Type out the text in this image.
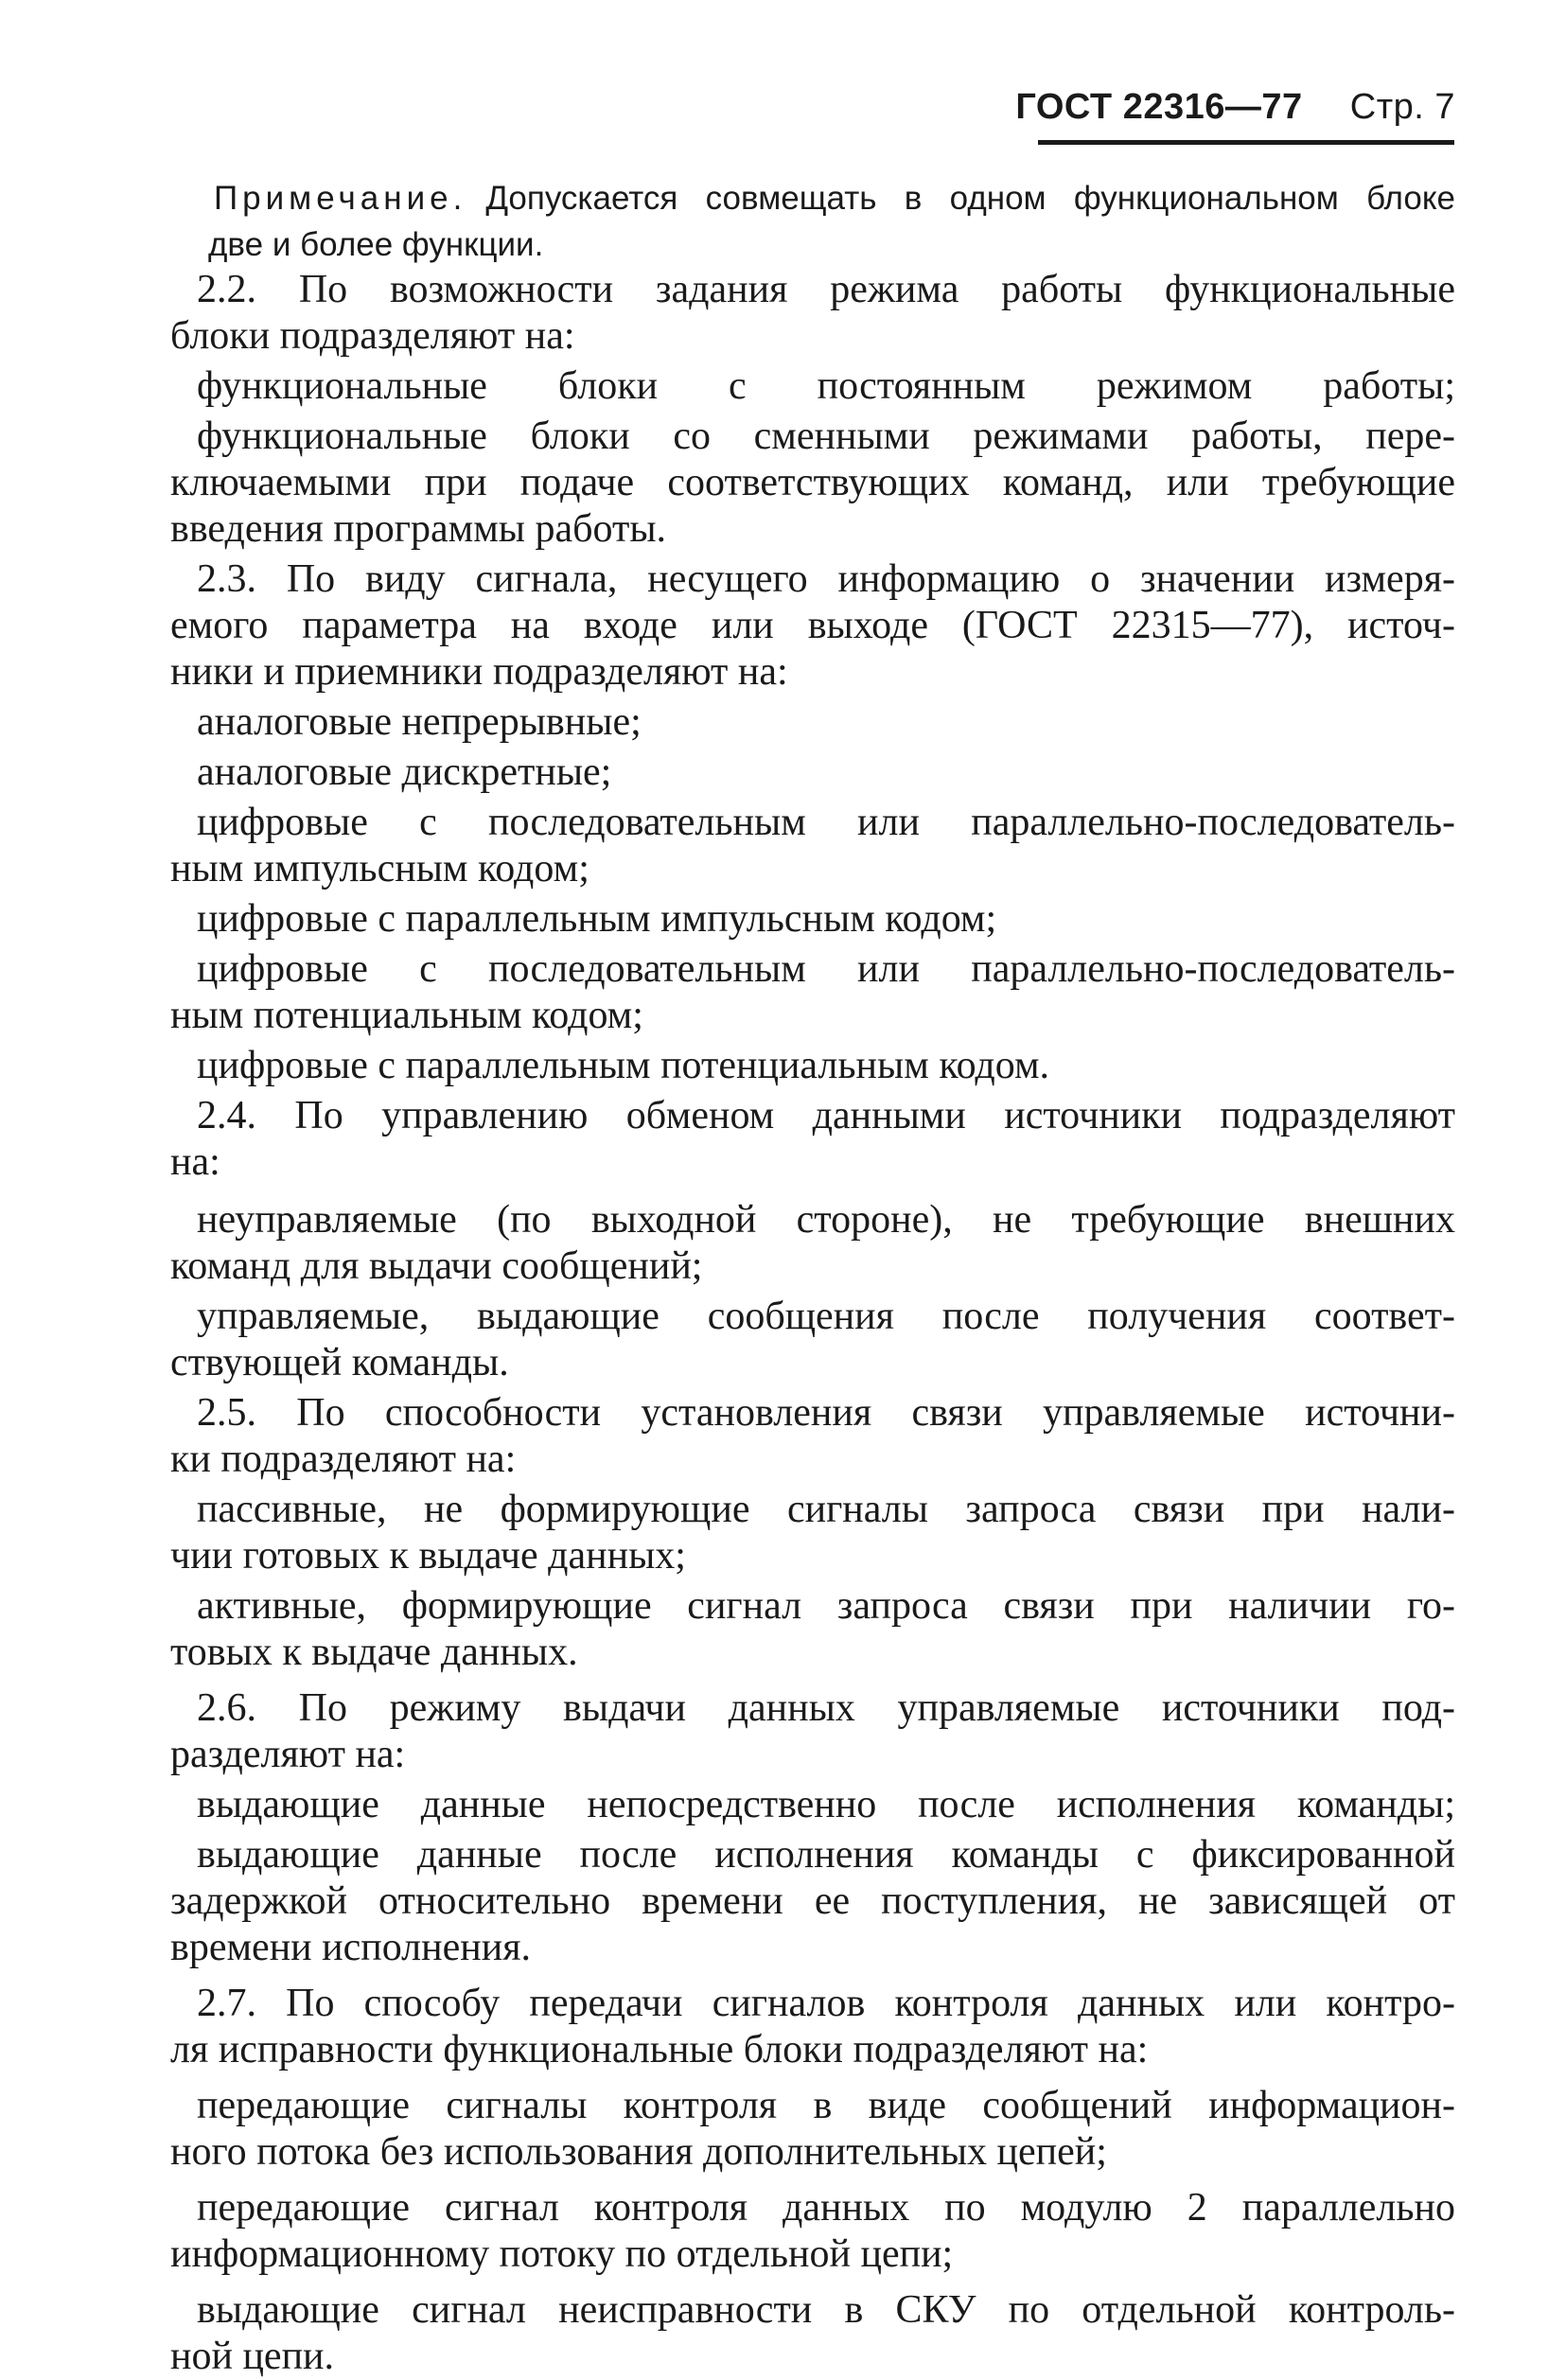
ГОСТ 22316—77 Стр. 7
Примечание. Допускается совмещать в одном функциональном блоке
две и более функции.
2.2. По возможности задания режима работы функциональные
блоки подразделяют на:
функциональные блоки с постоянным режимом работы;
функциональные блоки со сменными режимами работы, пере-
ключаемыми при подаче соответствующих команд, или требующие
введения программы работы.
2.3. По виду сигнала, несущего информацию о значении измеря-
емого параметра на входе или выходе (ГОСТ 22315—77), источ-
ники и приемники подразделяют на:
аналоговые непрерывные;
аналоговые дискретные;
цифровые с последовательным или параллельно-последователь-
ным импульсным кодом;
цифровые с параллельным импульсным кодом;
цифровые с последовательным или параллельно-последователь-
ным потенциальным кодом;
цифровые с параллельным потенциальным кодом.
2.4. По управлению обменом данными источники подразделяют
на:
неуправляемые (по выходной стороне), не требующие внешних
команд для выдачи сообщений;
управляемые, выдающие сообщения после получения соответ-
ствующей команды.
2.5. По способности установления связи управляемые источни-
ки подразделяют на:
пассивные, не формирующие сигналы запроса связи при нали-
чии готовых к выдаче данных;
активные, формирующие сигнал запроса связи при наличии го-
товых к выдаче данных.
2.6. По режиму выдачи данных управляемые источники под-
разделяют на:
выдающие данные непосредственно после исполнения команды;
выдающие данные после исполнения команды с фиксированной
задержкой относительно времени ее поступления, не зависящей от
времени исполнения.
2.7. По способу передачи сигналов контроля данных или контро-
ля исправности функциональные блоки подразделяют на:
передающие сигналы контроля в виде сообщений информацион-
ного потока без использования дополнительных цепей;
передающие сигнал контроля данных по модулю 2 параллельно
информационному потоку по отдельной цепи;
выдающие сигнал неисправности в СКУ по отдельной контроль-
ной цепи.
